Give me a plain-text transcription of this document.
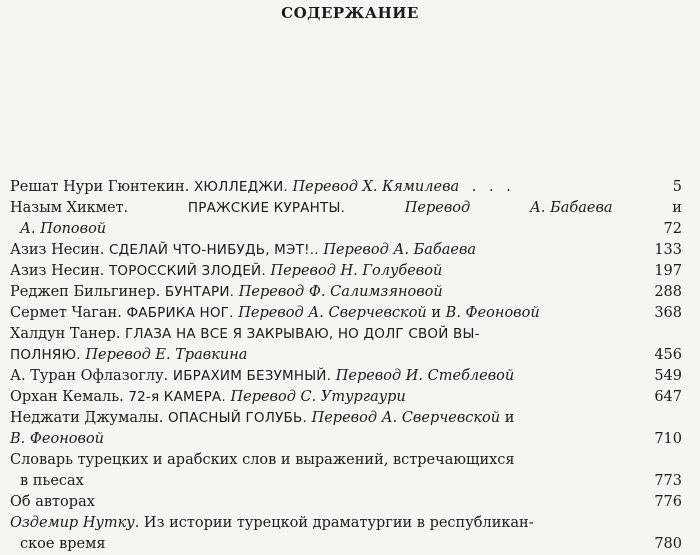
СОДЕРЖАНИЕ
Решат Нури Гюнтекин. ХЮЛЛЕДЖИ. Перевод Х. Кямилева . . .	5
Назым Хикмет.	ПРАЖСКИЕ КУРАНТЫ.	Перевод	А. Бабаева	и
А. Поповой	72
Азиз Несин. СДЕЛАЙ ЧТО-НИБУДЬ, МЭТ!.. Перевод А. Бабаева	133
Азиз Несин. ТОРОССКИЙ ЗЛОДЕЙ. Перевод Н. Голубевой	197
Реджеп Бильгинер. БУНТАРИ. Перевод Ф. Салимзяновой	288
Сермет Чаган. ФАБРИКА НОГ. Перевод А. Сверчевской и В. Феоновой	368
Халдун Танер. ГЛАЗА НА ВСЕ Я ЗАКРЫВАЮ, НО ДОЛГ СВОЙ ВЫ-
ПОЛНЯЮ. Перевод Е. Травкина	456
А. Туран Офлазоглу. ИБРАХИМ БЕЗУМНЫЙ. Перевод И. Стеблевой	549
Орхан Кемаль. 72-я КАМЕРА. Перевод С. Утургаури	647
Неджати Джумалы. ОПАСНЫЙ ГОЛУБЬ. Перевод А. Сверчевской и
В. Феоновой	710
Словарь турецких и арабских слов и выражений, встречающихся
в пьесах	773
Об авторах	776
Оздемир Нутку. Из истории турецкой драматургии в республикан-
ское время	780
